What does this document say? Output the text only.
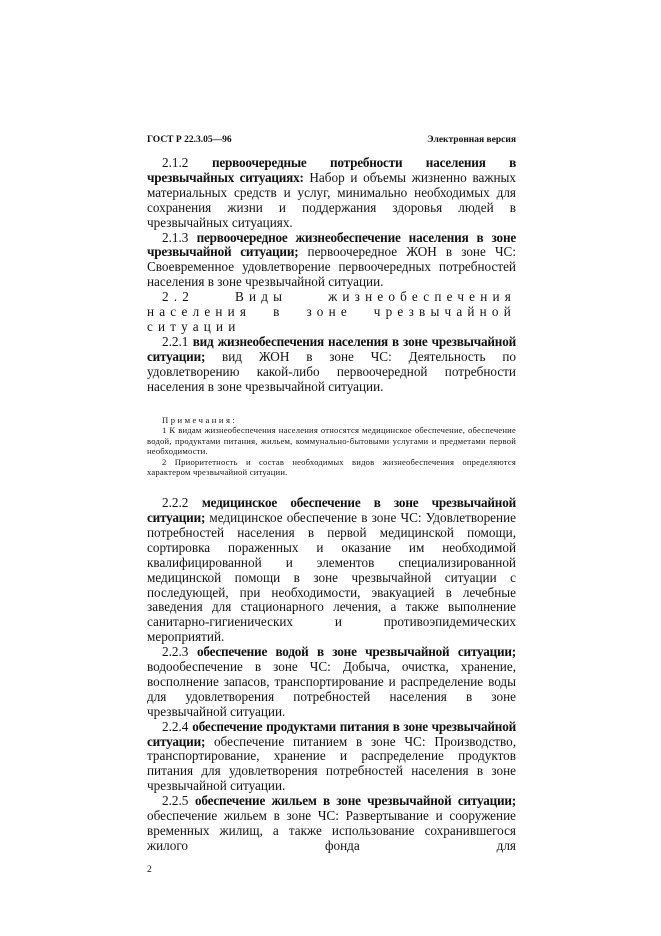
ГОСТ Р 22.3.05—96	Электронная версия

2.1.2 первоочередные потребности населения в чрезвычайных ситуациях: Набор и объемы жизненно важных материальных средств и услуг, минимально необходимых для сохранения жизни и поддержания здоровья людей в чрезвычайных ситуациях.

2.1.3 первоочередное жизнеобеспечение населения в зоне чрезвычайной ситуации; первоочередное ЖОН в зоне ЧС: Своевременное удовлетворение первоочередных потребностей населения в зоне чрезвычайной ситуации.

2.2 Виды жизнеобеспечения населения в зоне чрезвычайной ситуации

2.2.1 вид жизнеобеспечения населения в зоне чрезвычайной ситуации; вид ЖОН в зоне ЧС: Деятельность по удовлетворению какой-либо первоочередной потребности населения в зоне чрезвычайной ситуации.

Примечания:
1 К видам жизнеобеспечения населения относятся медицинское обеспечение, обеспечение водой, продуктами питания, жильем, коммунально-бытовыми услугами и предметами первой необходимости.
2 Приоритетность и состав необходимых видов жизнеобеспечения определяются характером чрезвычайной ситуации.

2.2.2 медицинское обеспечение в зоне чрезвычайной ситуации; медицинское обеспечение в зоне ЧС: Удовлетворение потребностей населения в первой медицинской помощи, сортировка пораженных и оказание им необходимой квалифицированной и элементов специализированной медицинской помощи в зоне чрезвычайной ситуации с последующей, при необходимости, эвакуацией в лечебные заведения для стационарного лечения, а также выполнение санитарно-гигиенических и противоэпидемических мероприятий.

2.2.3 обеспечение водой в зоне чрезвычайной ситуации; водообеспечение в зоне ЧС: Добыча, очистка, хранение, восполнение запасов, транспортирование и распределение воды для удовлетворения потребностей населения в зоне чрезвычайной ситуации.

2.2.4 обеспечение продуктами питания в зоне чрезвычайной ситуации; обеспечение питанием в зоне ЧС: Производство, транспортирование, хранение и распределение продуктов питания для удовлетворения потребностей населения в зоне чрезвычайной ситуации.

2.2.5 обеспечение жильем в зоне чрезвычайной ситуации; обеспечение жильем в зоне ЧС: Развертывание и сооружение временных жилищ, а также использование сохранившегося жилого фонда для

2
